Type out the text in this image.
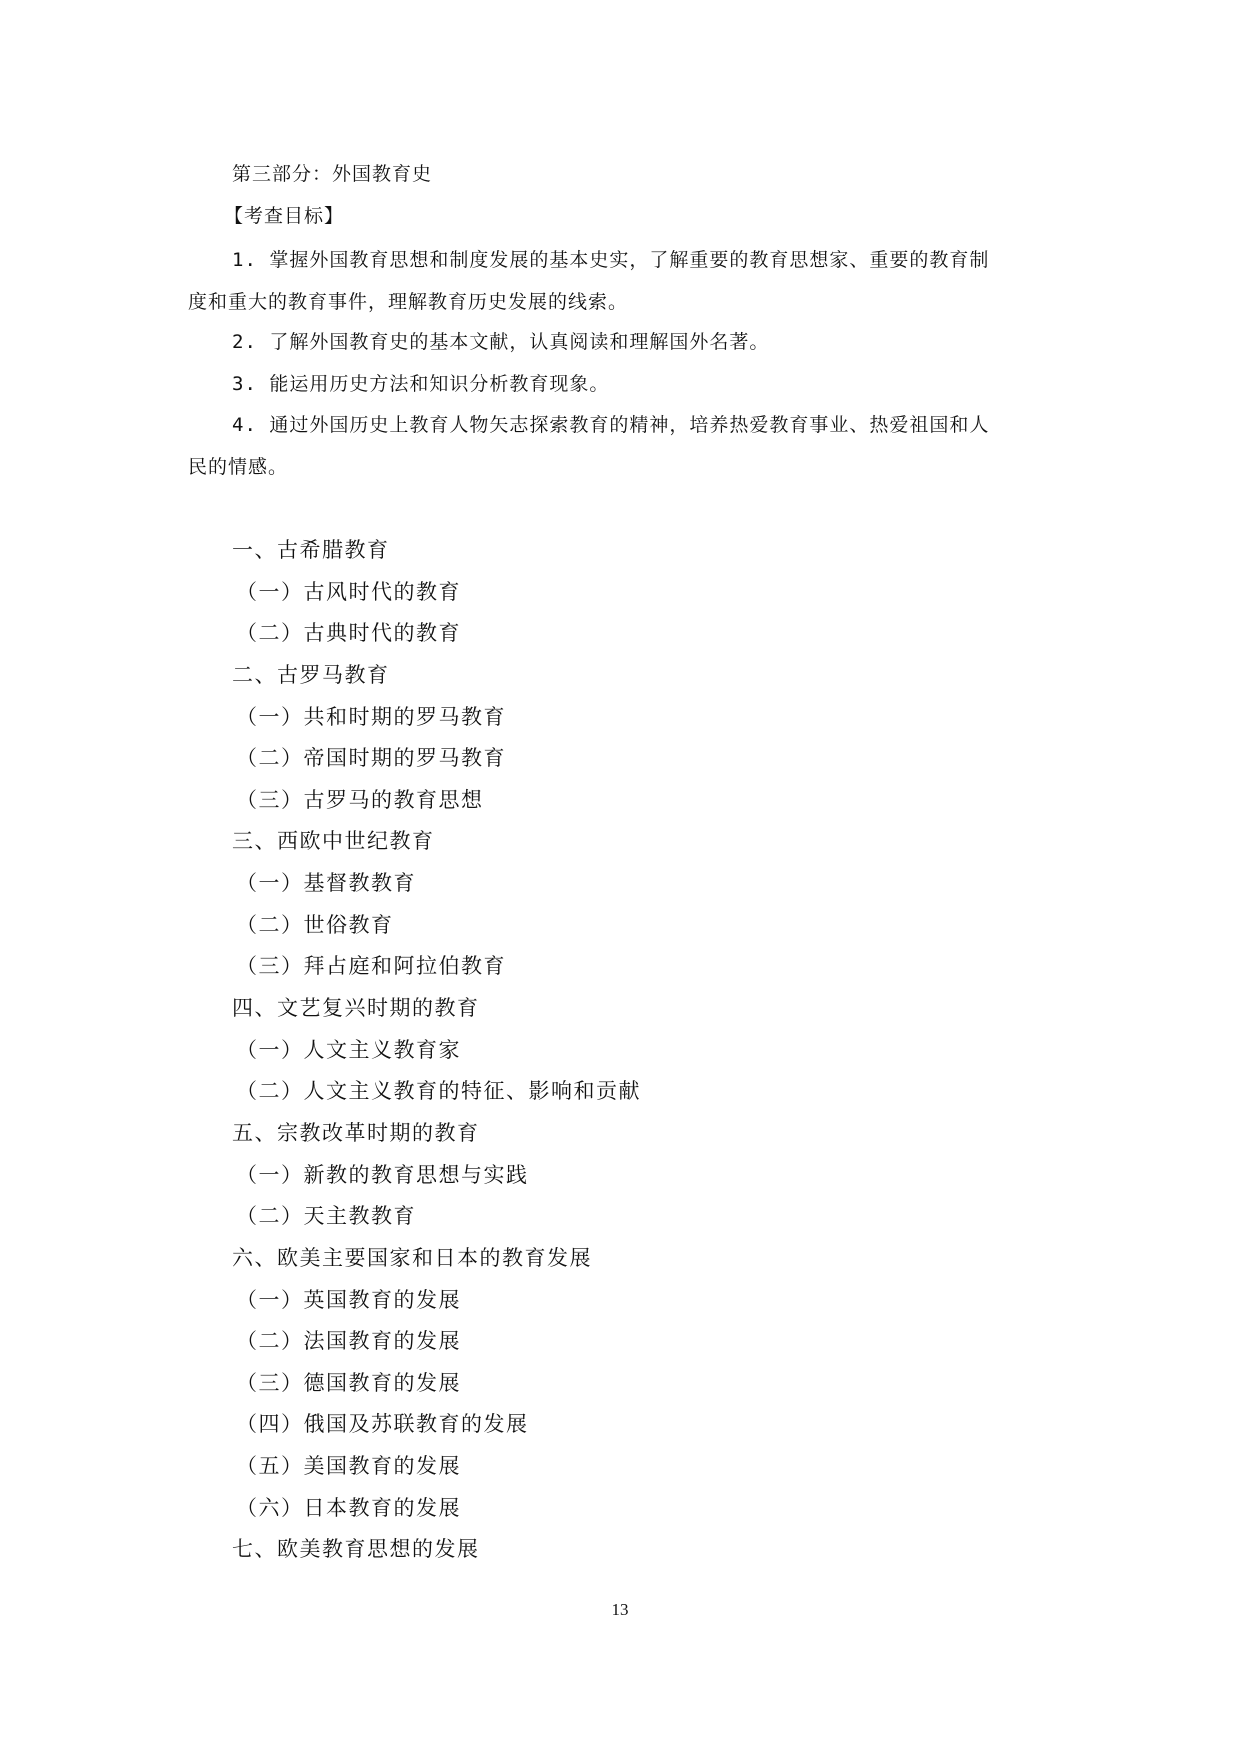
第三部分：外国教育史
【考查目标】
1. 掌握外国教育思想和制度发展的基本史实，了解重要的教育思想家、重要的教育制
度和重大的教育事件，理解教育历史发展的线索。
2. 了解外国教育史的基本文献，认真阅读和理解国外名著。
3. 能运用历史方法和知识分析教育现象。
4. 通过外国历史上教育人物矢志探索教育的精神，培养热爱教育事业、热爱祖国和人
民的情感。
一、古希腊教育
（一）古风时代的教育
（二）古典时代的教育
二、古罗马教育
（一）共和时期的罗马教育
（二）帝国时期的罗马教育
（三）古罗马的教育思想
三、西欧中世纪教育
（一）基督教教育
（二）世俗教育
（三）拜占庭和阿拉伯教育
四、文艺复兴时期的教育
（一）人文主义教育家
（二）人文主义教育的特征、影响和贡献
五、宗教改革时期的教育
（一）新教的教育思想与实践
（二）天主教教育
六、欧美主要国家和日本的教育发展
（一）英国教育的发展
（二）法国教育的发展
（三）德国教育的发展
（四）俄国及苏联教育的发展
（五）美国教育的发展
（六）日本教育的发展
七、欧美教育思想的发展
13
